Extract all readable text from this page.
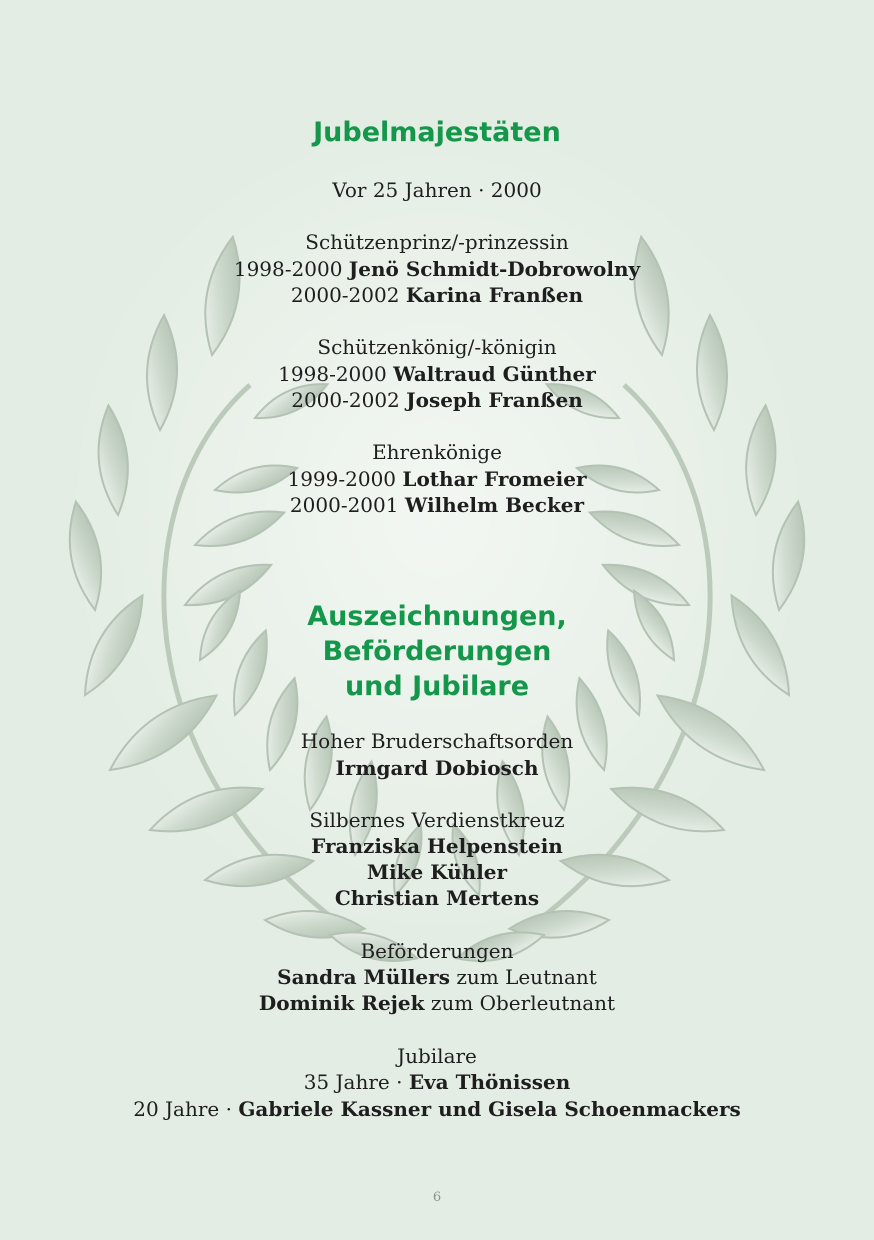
Jubelmajestäten
Vor 25 Jahren · 2000
Schützenprinz/-prinzessin
1998-2000 Jenö Schmidt-Dobrowolny
2000-2002 Karina Franßen
Schützenkönig/-königin
1998-2000 Waltraud Günther
2000-2002 Joseph Franßen
Ehrenkönige
1999-2000 Lothar Fromeier
2000-2001 Wilhelm Becker
Auszeichnungen,
Beförderungen
und Jubilare
Hoher Bruderschaftsorden
Irmgard Dobiosch
Silbernes Verdienstkreuz
Franziska Helpenstein
Mike Kühler
Christian Mertens
Beförderungen
Sandra Müllers zum Leutnant
Dominik Rejek zum Oberleutnant
Jubilare
35 Jahre · Eva Thönissen
20 Jahre · Gabriele Kassner und Gisela Schoenmackers
6
